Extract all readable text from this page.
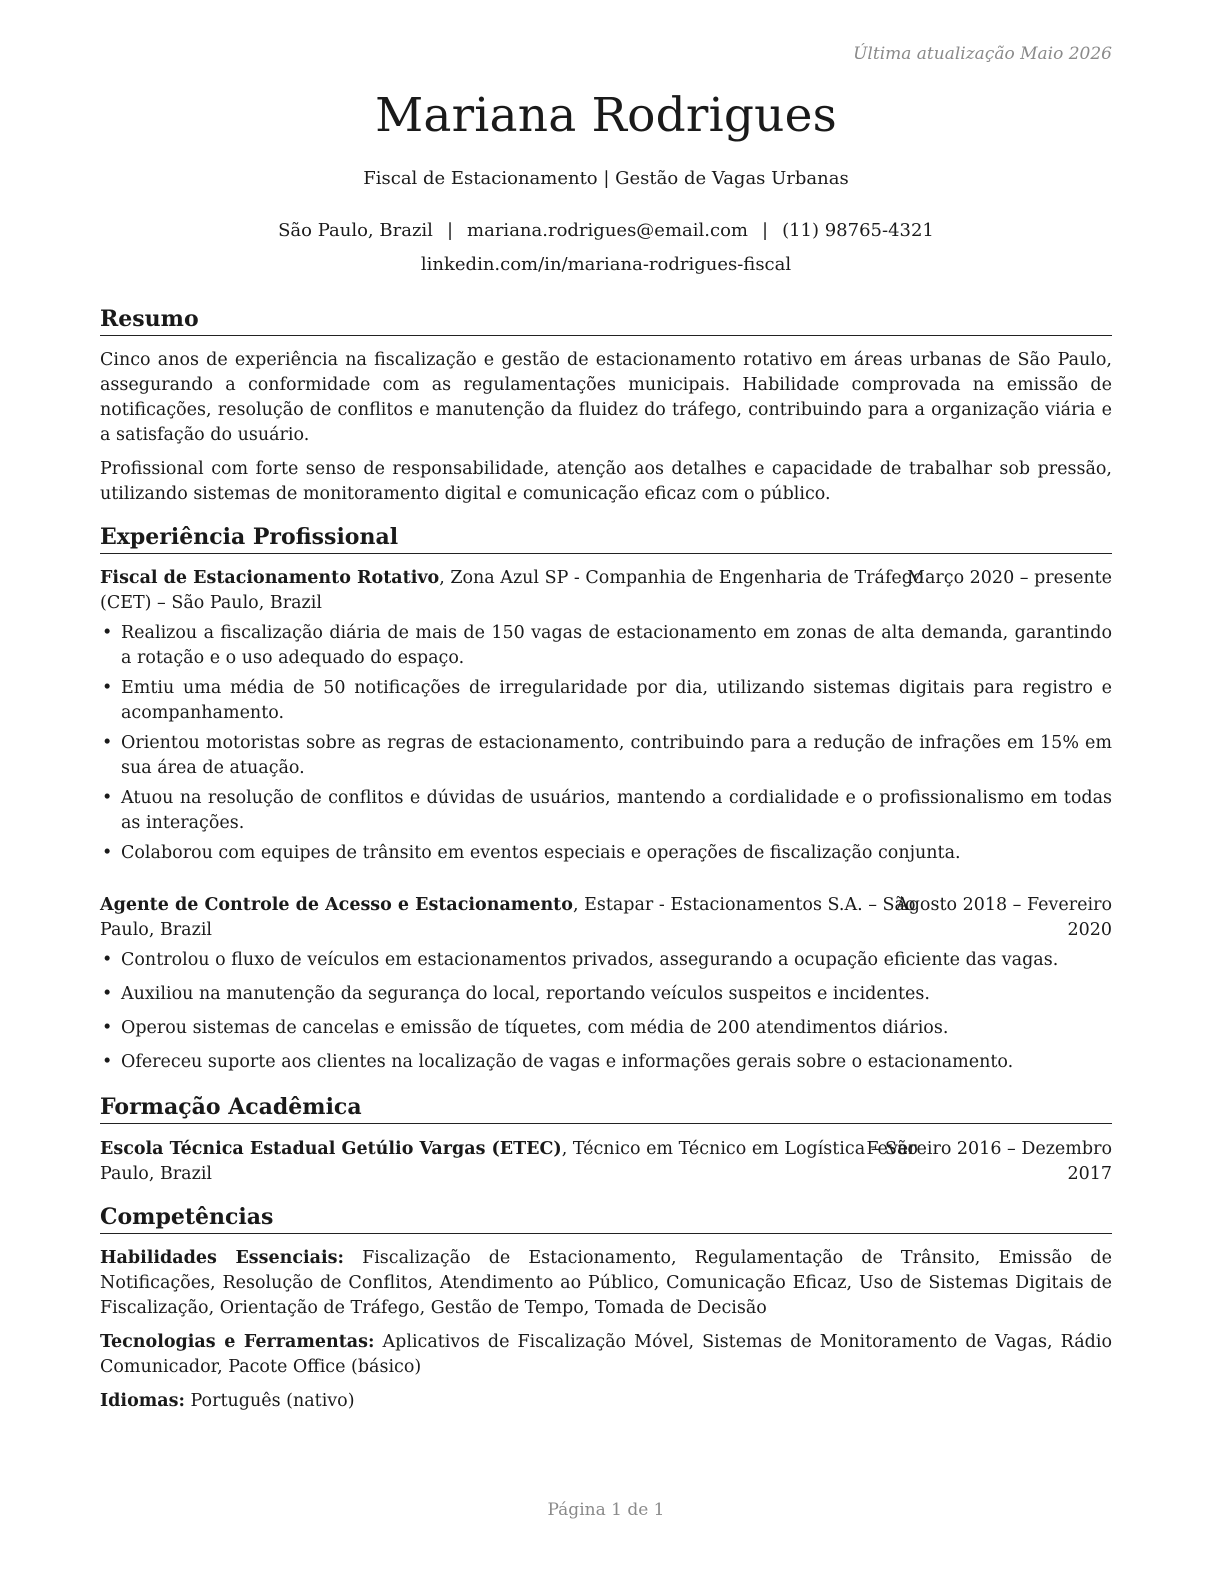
Última atualização Maio 2026
Mariana Rodrigues
Fiscal de Estacionamento | Gestão de Vagas Urbanas
São Paulo, Brazil | mariana.rodrigues@email.com | (11) 98765-4321
linkedin.com/in/mariana-rodrigues-fiscal
Resumo
Cinco anos de experiência na fiscalização e gestão de estacionamento rotativo em áreas urbanas de São Paulo, assegurando a conformidade com as regulamentações municipais. Habilidade comprovada na emissão de notificações, resolução de conflitos e manutenção da fluidez do tráfego, contribuindo para a organização viária e a satisfação do usuário.
Profissional com forte senso de responsabilidade, atenção aos detalhes e capacidade de trabalhar sob pressão, utilizando sistemas de monitoramento digital e comunicação eficaz com o público.
Experiência Profissional
Fiscal de Estacionamento Rotativo, Zona Azul SP - Companhia de Engenharia de Tráfego
(CET) – São Paulo, Brazil
Março 2020 – presente
• Realizou a fiscalização diária de mais de 150 vagas de estacionamento em zonas de alta demanda, garantindo a rotação e o uso adequado do espaço.
• Emtiu uma média de 50 notificações de irregularidade por dia, utilizando sistemas digitais para registro e acompanhamento.
• Orientou motoristas sobre as regras de estacionamento, contribuindo para a redução de infrações em 15% em sua área de atuação.
• Atuou na resolução de conflitos e dúvidas de usuários, mantendo a cordialidade e o profissionalismo em todas as interações.
• Colaborou com equipes de trânsito em eventos especiais e operações de fiscalização conjunta.
Agente de Controle de Acesso e Estacionamento, Estapar - Estacionamentos S.A. – São
Paulo, Brazil
Agosto 2018 – Fevereiro
2020
• Controlou o fluxo de veículos em estacionamentos privados, assegurando a ocupação eficiente das vagas.
• Auxiliou na manutenção da segurança do local, reportando veículos suspeitos e incidentes.
• Operou sistemas de cancelas e emissão de tíquetes, com média de 200 atendimentos diários.
• Ofereceu suporte aos clientes na localização de vagas e informações gerais sobre o estacionamento.
Formação Acadêmica
Escola Técnica Estadual Getúlio Vargas (ETEC), Técnico em Técnico em Logística – São
Paulo, Brazil
Fevereiro 2016 – Dezembro
2017
Competências
Habilidades Essenciais: Fiscalização de Estacionamento, Regulamentação de Trânsito, Emissão de Notificações, Resolução de Conflitos, Atendimento ao Público, Comunicação Eficaz, Uso de Sistemas Digitais de Fiscalização, Orientação de Tráfego, Gestão de Tempo, Tomada de Decisão
Tecnologias e Ferramentas: Aplicativos de Fiscalização Móvel, Sistemas de Monitoramento de Vagas, Rádio Comunicador, Pacote Office (básico)
Idiomas: Português (nativo)
Página 1 de 1
